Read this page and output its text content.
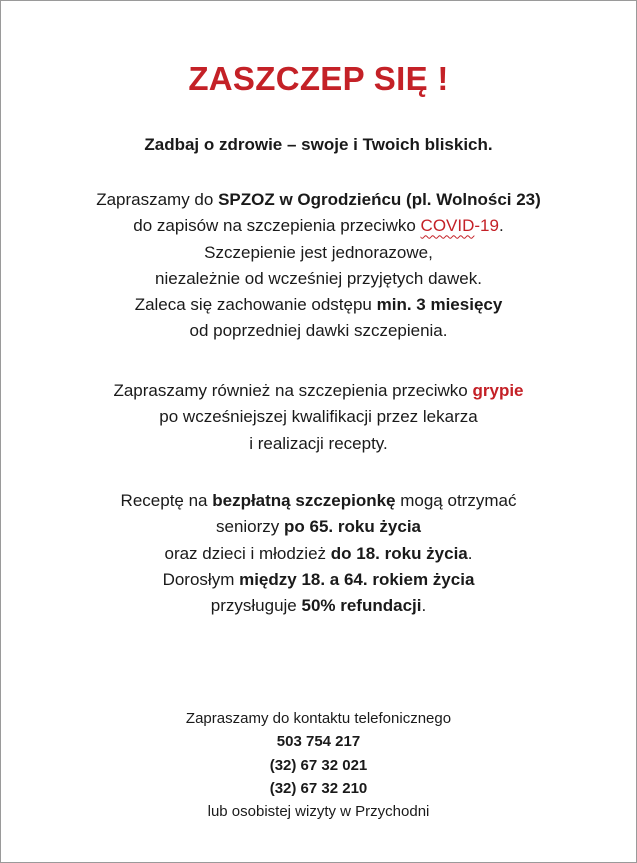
ZASZCZEP SIĘ !
Zadbaj o zdrowie – swoje i Twoich bliskich.
Zapraszamy do SPZOZ w Ogrodzieńcu (pl. Wolności 23)
do zapisów na szczepienia przeciwko COVID-19.
Szczepienie jest jednorazowe,
niezależnie od wcześniej przyjętych dawek.
Zaleca się zachowanie odstępu min. 3 miesięcy
od poprzedniej dawki szczepienia.
Zapraszamy również na szczepienia przeciwko grypie
po wcześniejszej kwalifikacji przez lekarza
i realizacji recepty.
Receptę na bezpłatną szczepionkę mogą otrzymać
seniorzy po 65. roku życia
oraz dzieci i młodzież do 18. roku życia.
Dorosłym między 18. a 64. rokiem życia
przysługuje 50% refundacji.
Zapraszamy do kontaktu telefonicznego
503 754 217
(32) 67 32 021
(32) 67 32 210
lub osobistej wizyty w Przychodni
